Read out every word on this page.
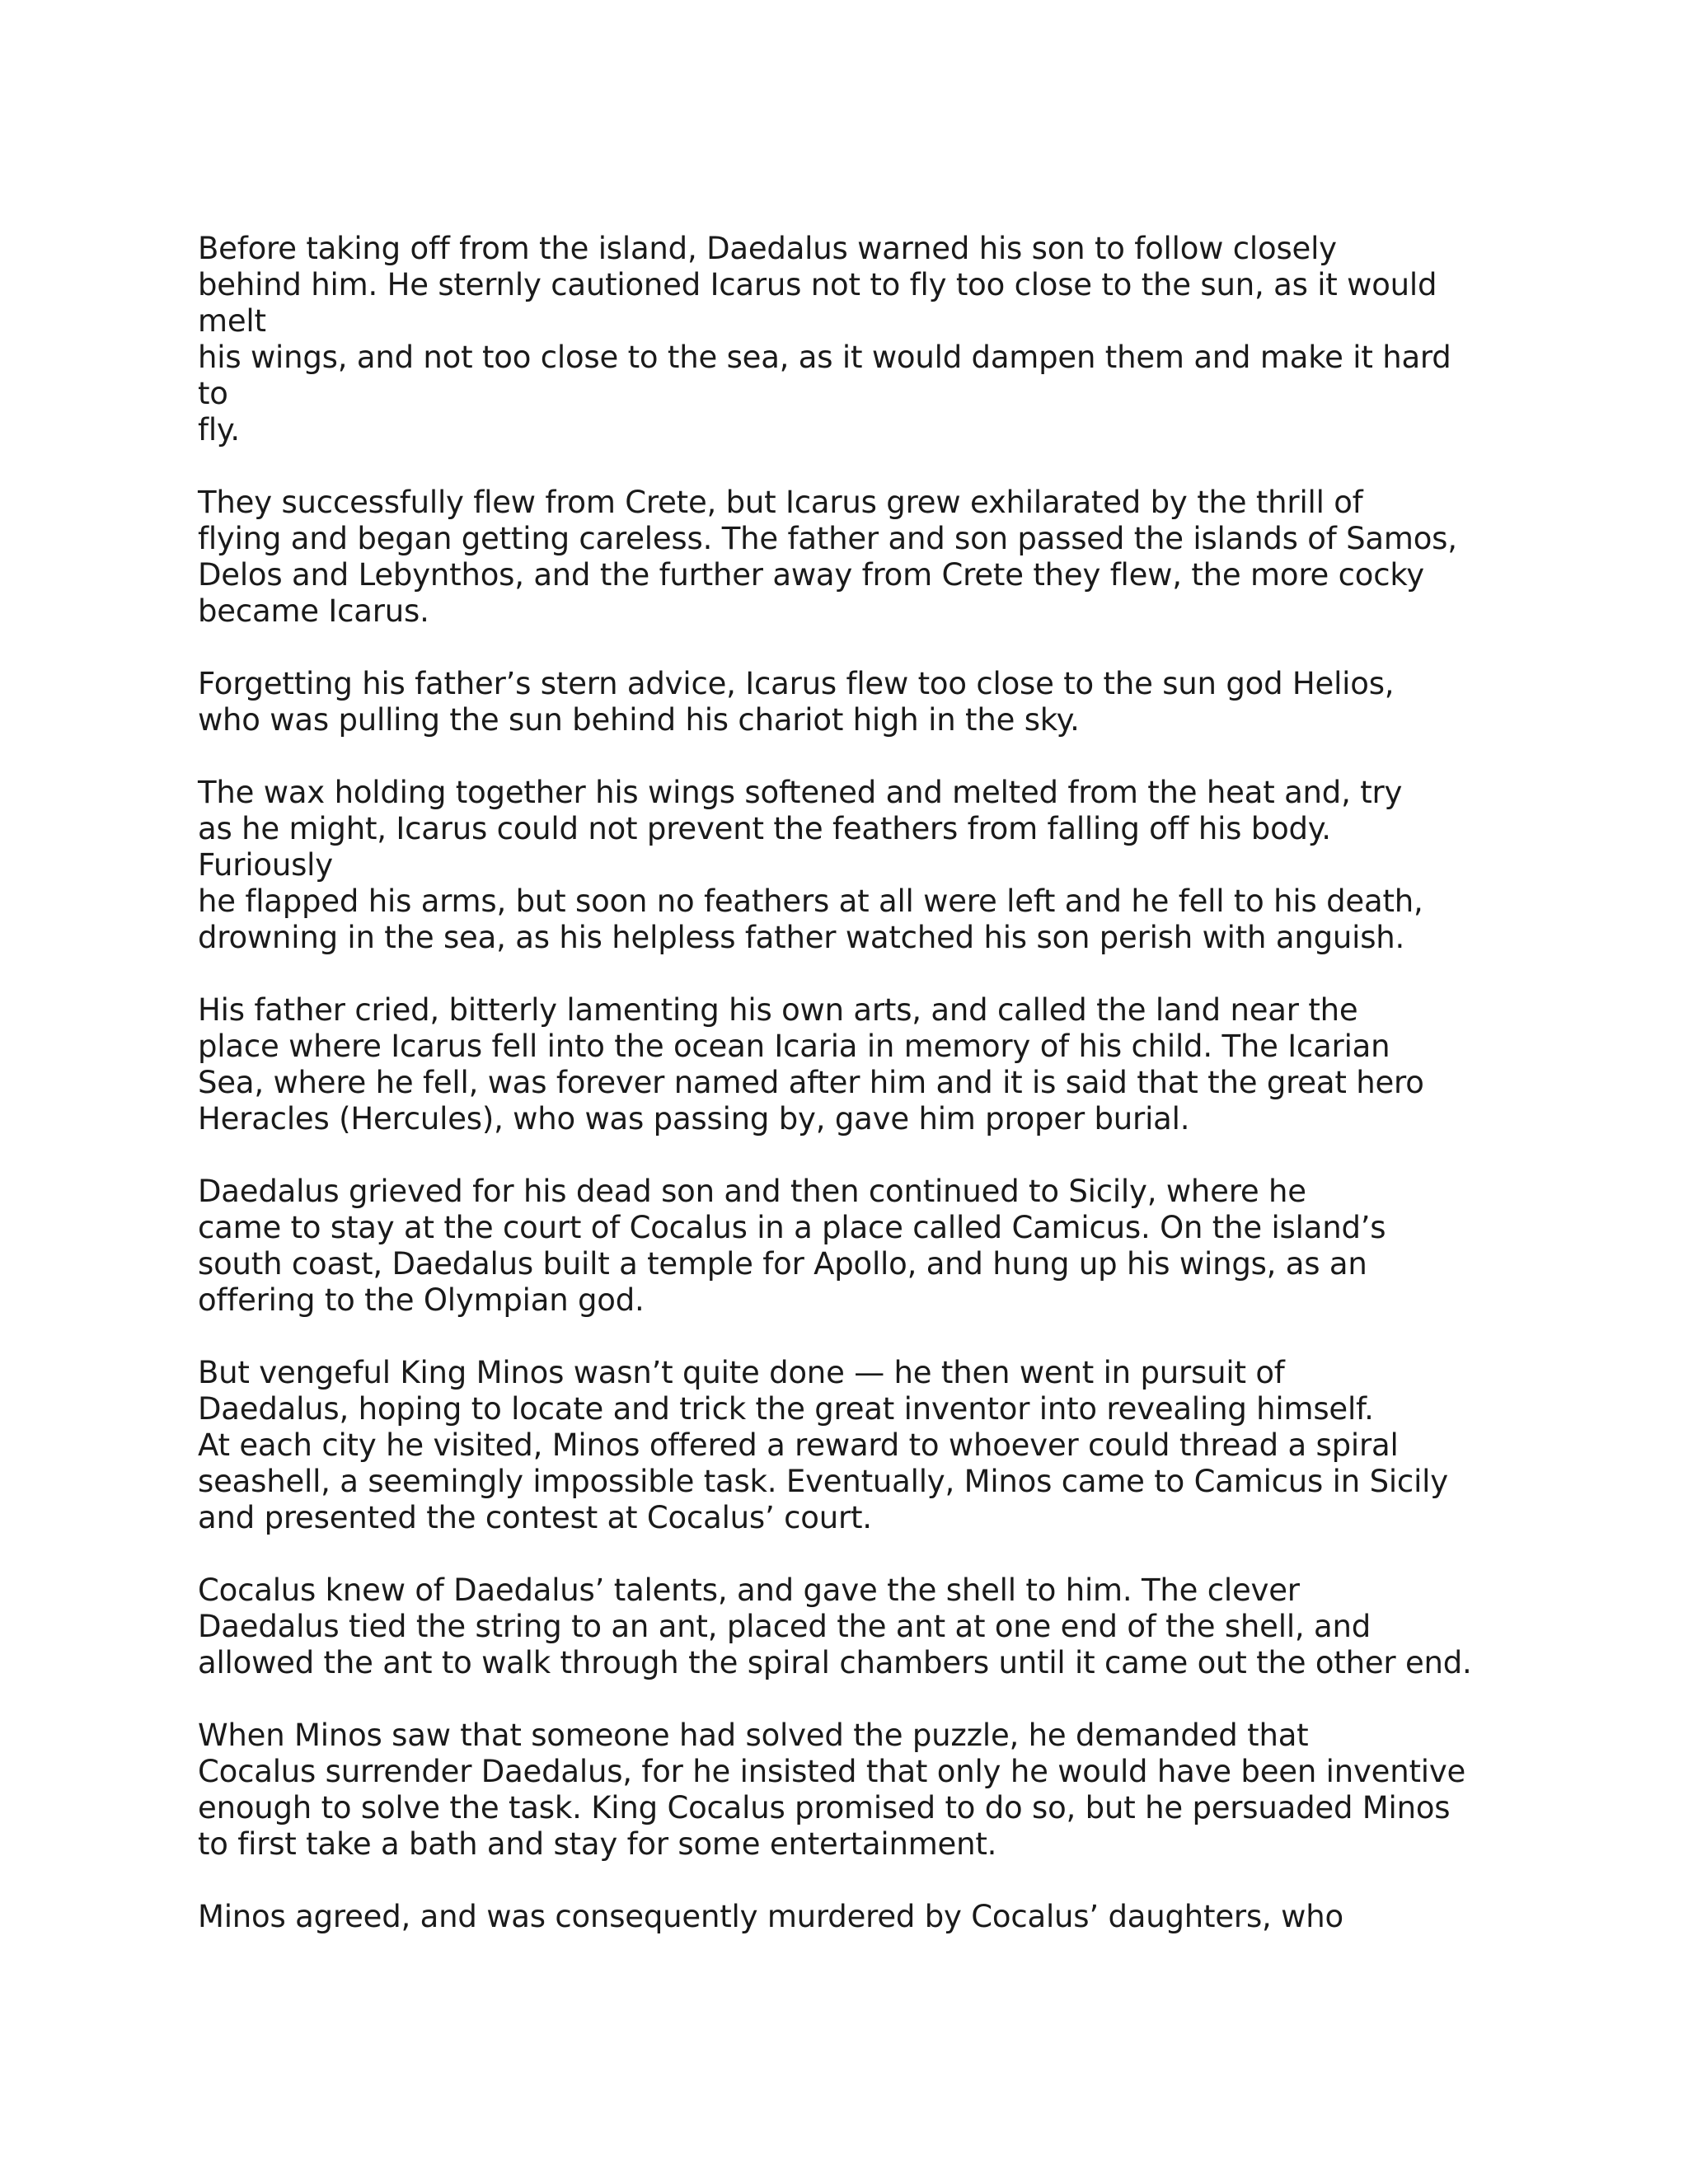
Before taking off from the island, Daedalus warned his son to follow closely
behind him. He sternly cautioned Icarus not to fly too close to the sun, as it would
melt
his wings, and not too close to the sea, as it would dampen them and make it hard
to
fly.

They successfully flew from Crete, but Icarus grew exhilarated by the thrill of
flying and began getting careless. The father and son passed the islands of Samos,
Delos and Lebynthos, and the further away from Crete they flew, the more cocky
became Icarus.

Forgetting his father’s stern advice, Icarus flew too close to the sun god Helios,
who was pulling the sun behind his chariot high in the sky.

The wax holding together his wings softened and melted from the heat and, try
as he might, Icarus could not prevent the feathers from falling off his body.
Furiously
he flapped his arms, but soon no feathers at all were left and he fell to his death,
drowning in the sea, as his helpless father watched his son perish with anguish.

His father cried, bitterly lamenting his own arts, and called the land near the
place where Icarus fell into the ocean Icaria in memory of his child. The Icarian
Sea, where he fell, was forever named after him and it is said that the great hero
Heracles (Hercules), who was passing by, gave him proper burial.

Daedalus grieved for his dead son and then continued to Sicily, where he
came to stay at the court of Cocalus in a place called Camicus. On the island’s
south coast, Daedalus built a temple for Apollo, and hung up his wings, as an
offering to the Olympian god.

But vengeful King Minos wasn’t quite done — he then went in pursuit of
Daedalus, hoping to locate and trick the great inventor into revealing himself.
At each city he visited, Minos offered a reward to whoever could thread a spiral
seashell, a seemingly impossible task. Eventually, Minos came to Camicus in Sicily
and presented the contest at Cocalus’ court.

Cocalus knew of Daedalus’ talents, and gave the shell to him. The clever
Daedalus tied the string to an ant, placed the ant at one end of the shell, and
allowed the ant to walk through the spiral chambers until it came out the other end.

When Minos saw that someone had solved the puzzle, he demanded that
Cocalus surrender Daedalus, for he insisted that only he would have been inventive
enough to solve the task. King Cocalus promised to do so, but he persuaded Minos
to first take a bath and stay for some entertainment.

Minos agreed, and was consequently murdered by Cocalus’ daughters, who
